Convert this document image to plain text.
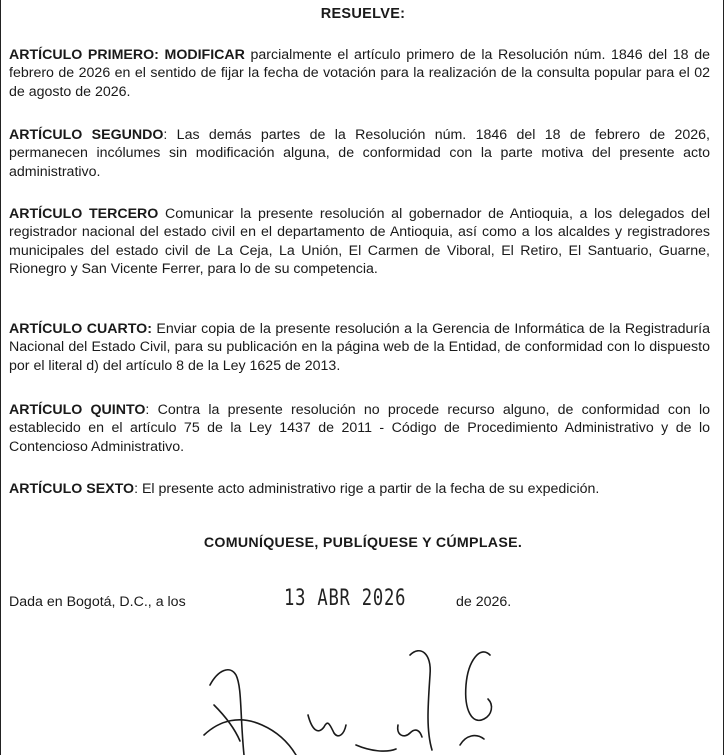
RESUELVE:
ARTÍCULO PRIMERO: MODIFICAR parcialmente el artículo primero de la Resolución núm. 1846 del 18 de febrero de 2026 en el sentido de fijar la fecha de votación para la realización de la consulta popular para el 02 de agosto de 2026.
ARTÍCULO SEGUNDO: Las demás partes de la Resolución núm. 1846 del 18 de febrero de 2026, permanecen incólumes sin modificación alguna, de conformidad con la parte motiva del presente acto administrativo.
ARTÍCULO TERCERO Comunicar la presente resolución al gobernador de Antioquia, a los delegados del registrador nacional del estado civil en el departamento de Antioquia, así como a los alcaldes y registradores municipales del estado civil de La Ceja, La Unión, El Carmen de Viboral, El Retiro, El Santuario, Guarne, Rionegro y San Vicente Ferrer, para lo de su competencia.
ARTÍCULO CUARTO: Enviar copia de la presente resolución a la Gerencia de Informática de la Registraduría Nacional del Estado Civil, para su publicación en la página web de la Entidad, de conformidad con lo dispuesto por el literal d) del artículo 8 de la Ley 1625 de 2013.
ARTÍCULO QUINTO: Contra la presente resolución no procede recurso alguno, de conformidad con lo establecido en el artículo 75 de la Ley 1437 de 2011 - Código de Procedimiento Administrativo y de lo Contencioso Administrativo.
ARTÍCULO SEXTO: El presente acto administrativo rige a partir de la fecha de su expedición.
COMUNÍQUESE, PUBLÍQUESE Y CÚMPLASE.
Dada en Bogotá, D.C., a los	13 ABR 2026	de 2026.
